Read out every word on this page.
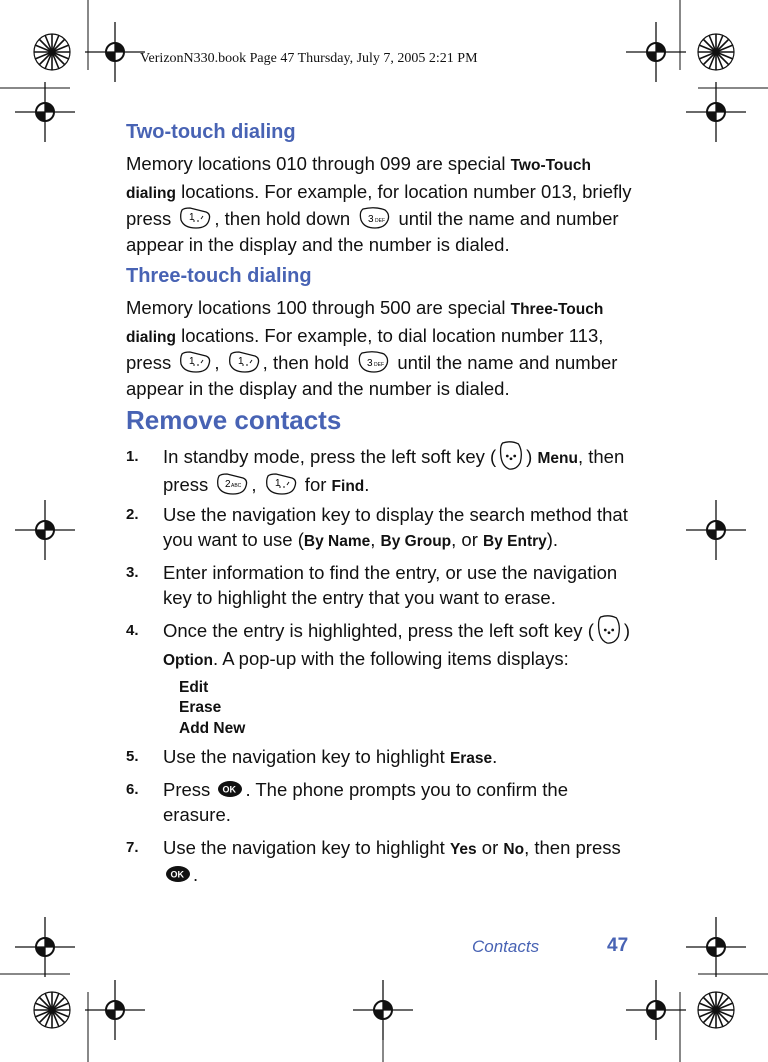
VerizonN330.book Page 47 Thursday, July 7, 2005 2:21 PM
Two-touch dialing
Memory locations 010 through 099 are special Two-Touch dialing locations. For example, for location number 013, briefly press , then hold down  until the name and number appear in the display and the number is dialed.
Three-touch dialing
Memory locations 100 through 500 are special Three-Touch dialing locations. For example, to dial location number 113, press , , then hold  until the name and number appear in the display and the number is dialed.
Remove contacts
1. In standby mode, press the left soft key ( ) Menu, then press ,  for Find.
2. Use the navigation key to display the search method that you want to use (By Name, By Group, or By Entry).
3. Enter information to find the entry, or use the navigation key to highlight the entry that you want to erase.
4. Once the entry is highlighted, press the left soft key ( ) Option. A pop-up with the following items displays:
Edit
Erase
Add New
5. Use the navigation key to highlight Erase.
6. Press . The phone prompts you to confirm the erasure.
7. Use the navigation key to highlight Yes or No, then press .
Contacts	47
